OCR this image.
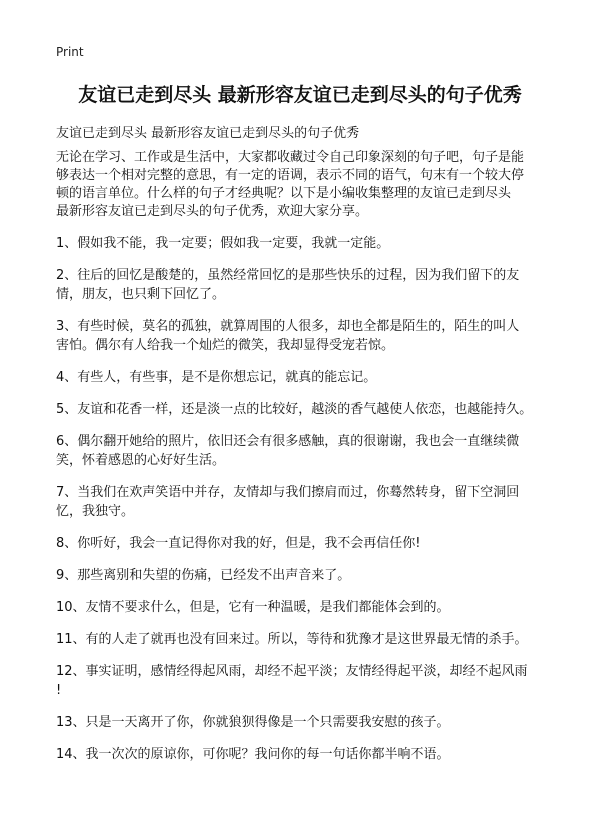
Print
友谊已走到尽头 最新形容友谊已走到尽头的句子优秀

友谊已走到尽头 最新形容友谊已走到尽头的句子优秀

无论在学习、工作或是生活中，大家都收藏过令自己印象深刻的句子吧，句子是能
够表达一个相对完整的意思，有一定的语调，表示不同的语气，句末有一个较大停
顿的语言单位。什么样的句子才经典呢？以下是小编收集整理的友谊已走到尽头
最新形容友谊已走到尽头的句子优秀，欢迎大家分享。

1、假如我不能，我一定要；假如我一定要，我就一定能。
2、往后的回忆是酸楚的，虽然经常回忆的是那些快乐的过程，因为我们留下的友
情，朋友，也只剩下回忆了。
3、有些时候，莫名的孤独，就算周围的人很多，却也全都是陌生的，陌生的叫人
害怕。偶尔有人给我一个灿烂的微笑，我却显得受宠若惊。
4、有些人，有些事，是不是你想忘记，就真的能忘记。
5、友谊和花香一样，还是淡一点的比较好，越淡的香气越使人依恋，也越能持久。
6、偶尔翻开她给的照片，依旧还会有很多感触，真的很谢谢，我也会一直继续微
笑，怀着感恩的心好好生活。
7、当我们在欢声笑语中并存，友情却与我们擦肩而过，你蓦然转身，留下空洞回
忆，我独守。
8、你听好，我会一直记得你对我的好，但是，我不会再信任你!
9、那些离别和失望的伤痛，已经发不出声音来了。
10、友情不要求什么，但是，它有一种温暖，是我们都能体会到的。
11、有的人走了就再也没有回来过。所以，等待和犹豫才是这世界最无情的杀手。
12、事实证明，感情经得起风雨，却经不起平淡；友情经得起平淡，却经不起风雨
!
13、只是一天离开了你，你就狼狈得像是一个只需要我安慰的孩子。
14、我一次次的原谅你，可你呢？我问你的每一句话你都半响不语。
